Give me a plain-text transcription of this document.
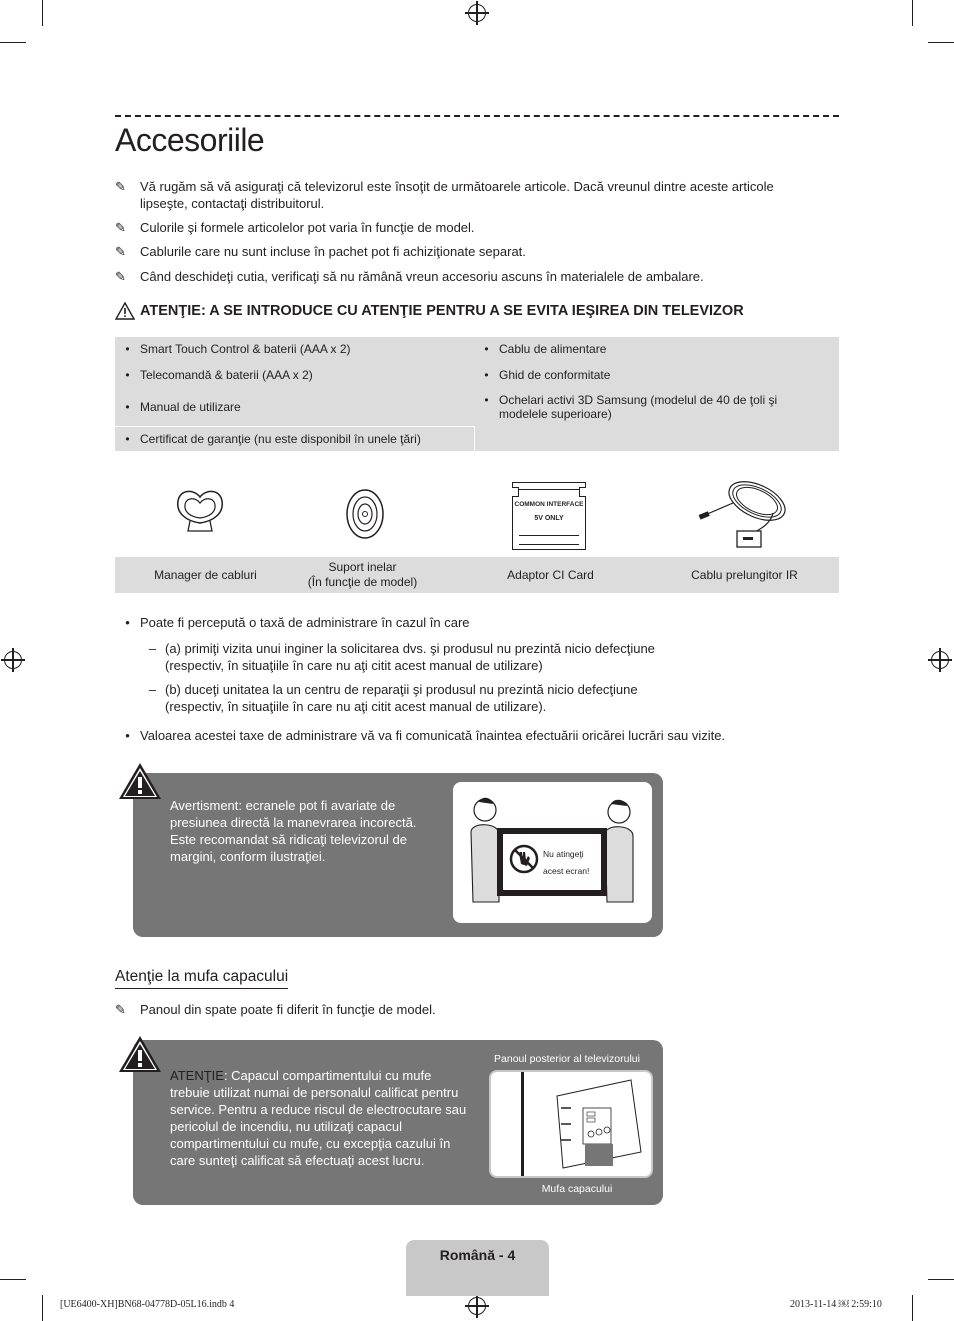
Accesoriile
✎	Vă rugăm să vă asiguraţi că televizorul este însoţit de următoarele articole. Dacă vreunul dintre aceste articole lipseşte, contactaţi distribuitorul.
✎	Culorile şi formele articolelor pot varia în funcţie de model.
✎	Cablurile care nu sunt incluse în pachet pot fi achiziţionate separat.
✎	Când deschideţi cutia, verificaţi să nu rămână vreun accesoriu ascuns în materialele de ambalare.
ATENŢIE: A SE INTRODUCE CU ATENŢIE PENTRU A SE EVITA IEŞIREA DIN TELEVIZOR
• Smart Touch Control & baterii (AAA x 2)
• Telecomandă & baterii (AAA x 2)
• Manual de utilizare
• Certificat de garanţie (nu este disponibil în unele ţări)
• Cablu de alimentare
• Ghid de conformitate
• Ochelari activi 3D Samsung (modelul de 40 de ţoli şi modelele superioare)
COMMON INTERFACE
5V ONLY
Manager de cabluri
Suport inelar
(În funcţie de model)
Adaptor CI Card	Cablu prelungitor IR
• Poate fi percepută o taxă de administrare în cazul în care
– (a) primiţi vizita unui inginer la solicitarea dvs. şi produsul nu prezintă nicio defecţiune
(respectiv, în situaţiile în care nu aţi citit acest manual de utilizare)
– (b) duceţi unitatea la un centru de reparaţii şi produsul nu prezintă nicio defecţiune
(respectiv, în situaţiile în care nu aţi citit acest manual de utilizare).
• Valoarea acestei taxe de administrare vă va fi comunicată înaintea efectuării oricărei lucrări sau vizite.
Avertisment: ecranele pot fi avariate de presiunea directă la manevrarea incorectă. Este recomandat să ridicaţi televizorul de margini, conform ilustraţiei.	Nu atingeţi
acest ecran!
Atenţie la mufa capacului
✎	Panoul din spate poate fi diferit în funcţie de model.
ATENŢIE: Capacul compartimentului cu mufe trebuie utilizat numai de personalul calificat pentru service. Pentru a reduce riscul de electrocutare sau pericolul de incendiu, nu utilizaţi capacul compartimentului cu mufe, cu excepţia cazului în care sunteţi calificat să efectuaţi acest lucru.
Panoul posterior al televizorului
Mufa capacului
Română - 4
[UE6400-XH]BN68-04778D-05L16.indb 4	2013-11-14 ￼ 2:59:10
